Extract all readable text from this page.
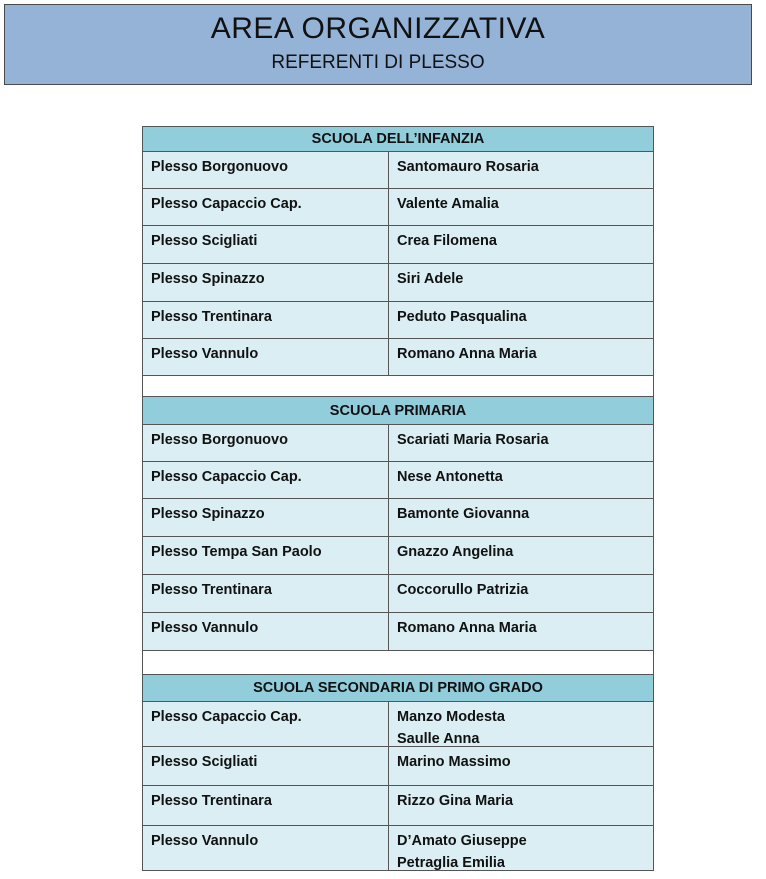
AREA ORGANIZZATIVA
REFERENTI DI PLESSO
SCUOLA DELL’INFANZIA
Plesso Borgonuovo	Santomauro Rosaria
Plesso Capaccio Cap.	Valente Amalia
Plesso Scigliati	Crea Filomena
Plesso Spinazzo	Siri Adele
Plesso Trentinara	Peduto Pasqualina
Plesso Vannulo	Romano Anna Maria
SCUOLA PRIMARIA
Plesso Borgonuovo	Scariati Maria Rosaria
Plesso Capaccio Cap.	Nese Antonetta
Plesso Spinazzo	Bamonte Giovanna
Plesso Tempa San Paolo	Gnazzo Angelina
Plesso Trentinara	Coccorullo Patrizia
Plesso Vannulo	Romano Anna Maria
SCUOLA SECONDARIA DI PRIMO GRADO
Plesso Capaccio Cap.	Manzo Modesta
Saulle Anna
Plesso Scigliati	Marino Massimo
Plesso Trentinara	Rizzo Gina Maria
Plesso Vannulo	D’Amato Giuseppe
Petraglia Emilia
